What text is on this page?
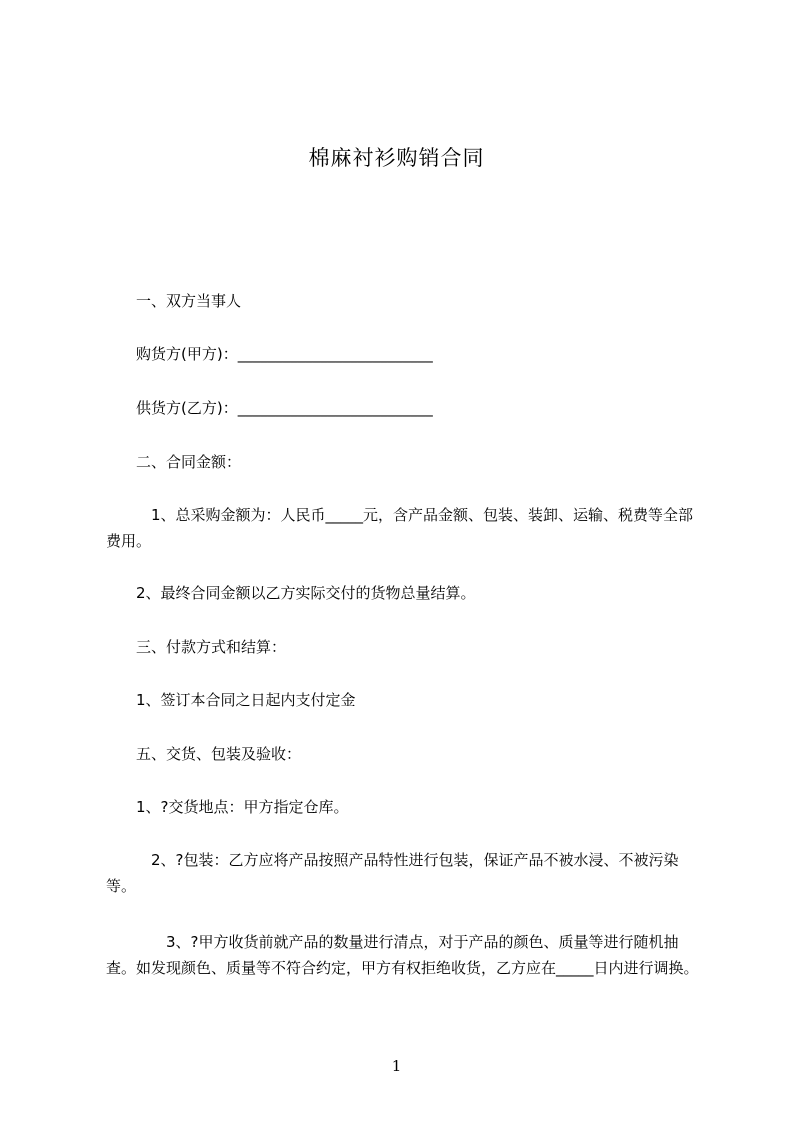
棉麻衬衫购销合同
一、双方当事人
购货方(甲方)：__________________________
供货方(乙方)：__________________________
二、合同金额：
　1、总采购金额为：人民币_____元，含产品金额、包装、装卸、运输、税费等全部费用。
2、最终合同金额以乙方实际交付的货物总量结算。
三、付款方式和结算：
1、签订本合同之日起内支付定金
五、交货、包装及验收：
1、?交货地点：甲方指定仓库。
　2、?包装：乙方应将产品按照产品特性进行包装，保证产品不被水浸、不被污染等。
　　3、?甲方收货前就产品的数量进行清点，对于产品的颜色、质量等进行随机抽查。如发现颜色、质量等不符合约定，甲方有权拒绝收货，乙方应在_____日内进行调换。
1
